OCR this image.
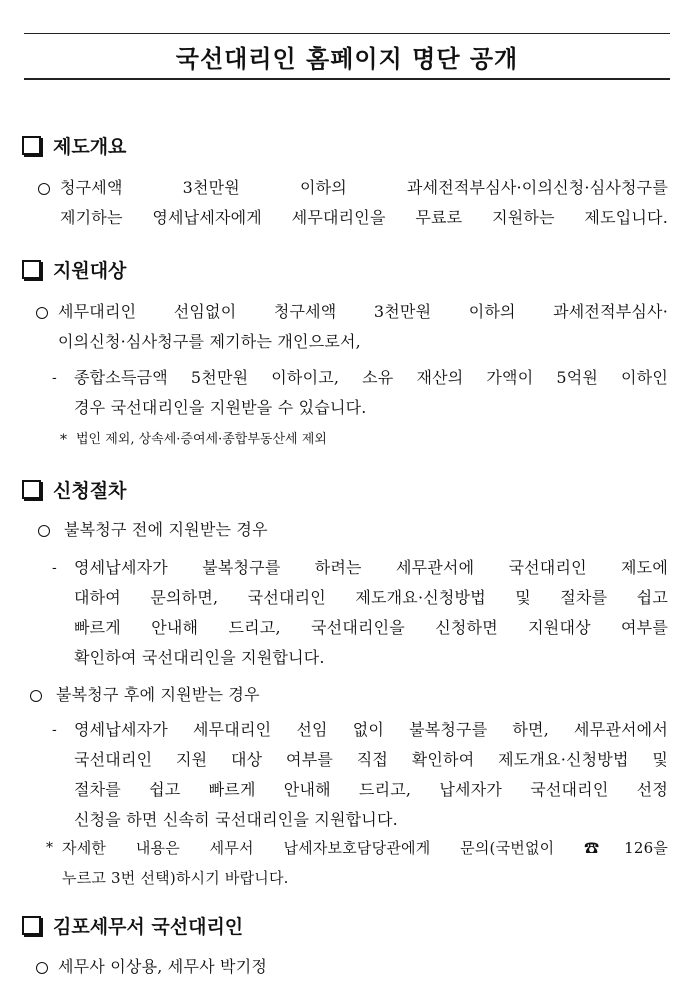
국선대리인 홈페이지 명단 공개
제도개요
청구세액 3천만원 이하의 과세전적부심사·이의신청·심사청구를
제기하는 영세납세자에게 세무대리인을 무료로 지원하는 제도입니다.
지원대상
세무대리인 선임없이 청구세액 3천만원 이하의 과세전적부심사·
이의신청·심사청구를 제기하는 개인으로서,
- 종합소득금액 5천만원 이하이고, 소유 재산의 가액이 5억원 이하인
경우 국선대리인을 지원받을 수 있습니다.
* 법인 제외, 상속세·증여세·종합부동산세 제외
신청절차
불복청구 전에 지원받는 경우
- 영세납세자가 불복청구를 하려는 세무관서에 국선대리인 제도에
대하여 문의하면, 국선대리인 제도개요·신청방법 및 절차를 쉽고
빠르게 안내해 드리고, 국선대리인을 신청하면 지원대상 여부를
확인하여 국선대리인을 지원합니다.
불복청구 후에 지원받는 경우
- 영세납세자가 세무대리인 선임 없이 불복청구를 하면, 세무관서에서
국선대리인 지원 대상 여부를 직접 확인하여 제도개요·신청방법 및
절차를 쉽고 빠르게 안내해 드리고, 납세자가 국선대리인 선정
신청을 하면 신속히 국선대리인을 지원합니다.
* 자세한 내용은 세무서 납세자보호담당관에게 문의(국번없이 ☎126을
누르고 3번 선택)하시기 바랍니다.
김포세무서 국선대리인
세무사 이상용, 세무사 박기정
